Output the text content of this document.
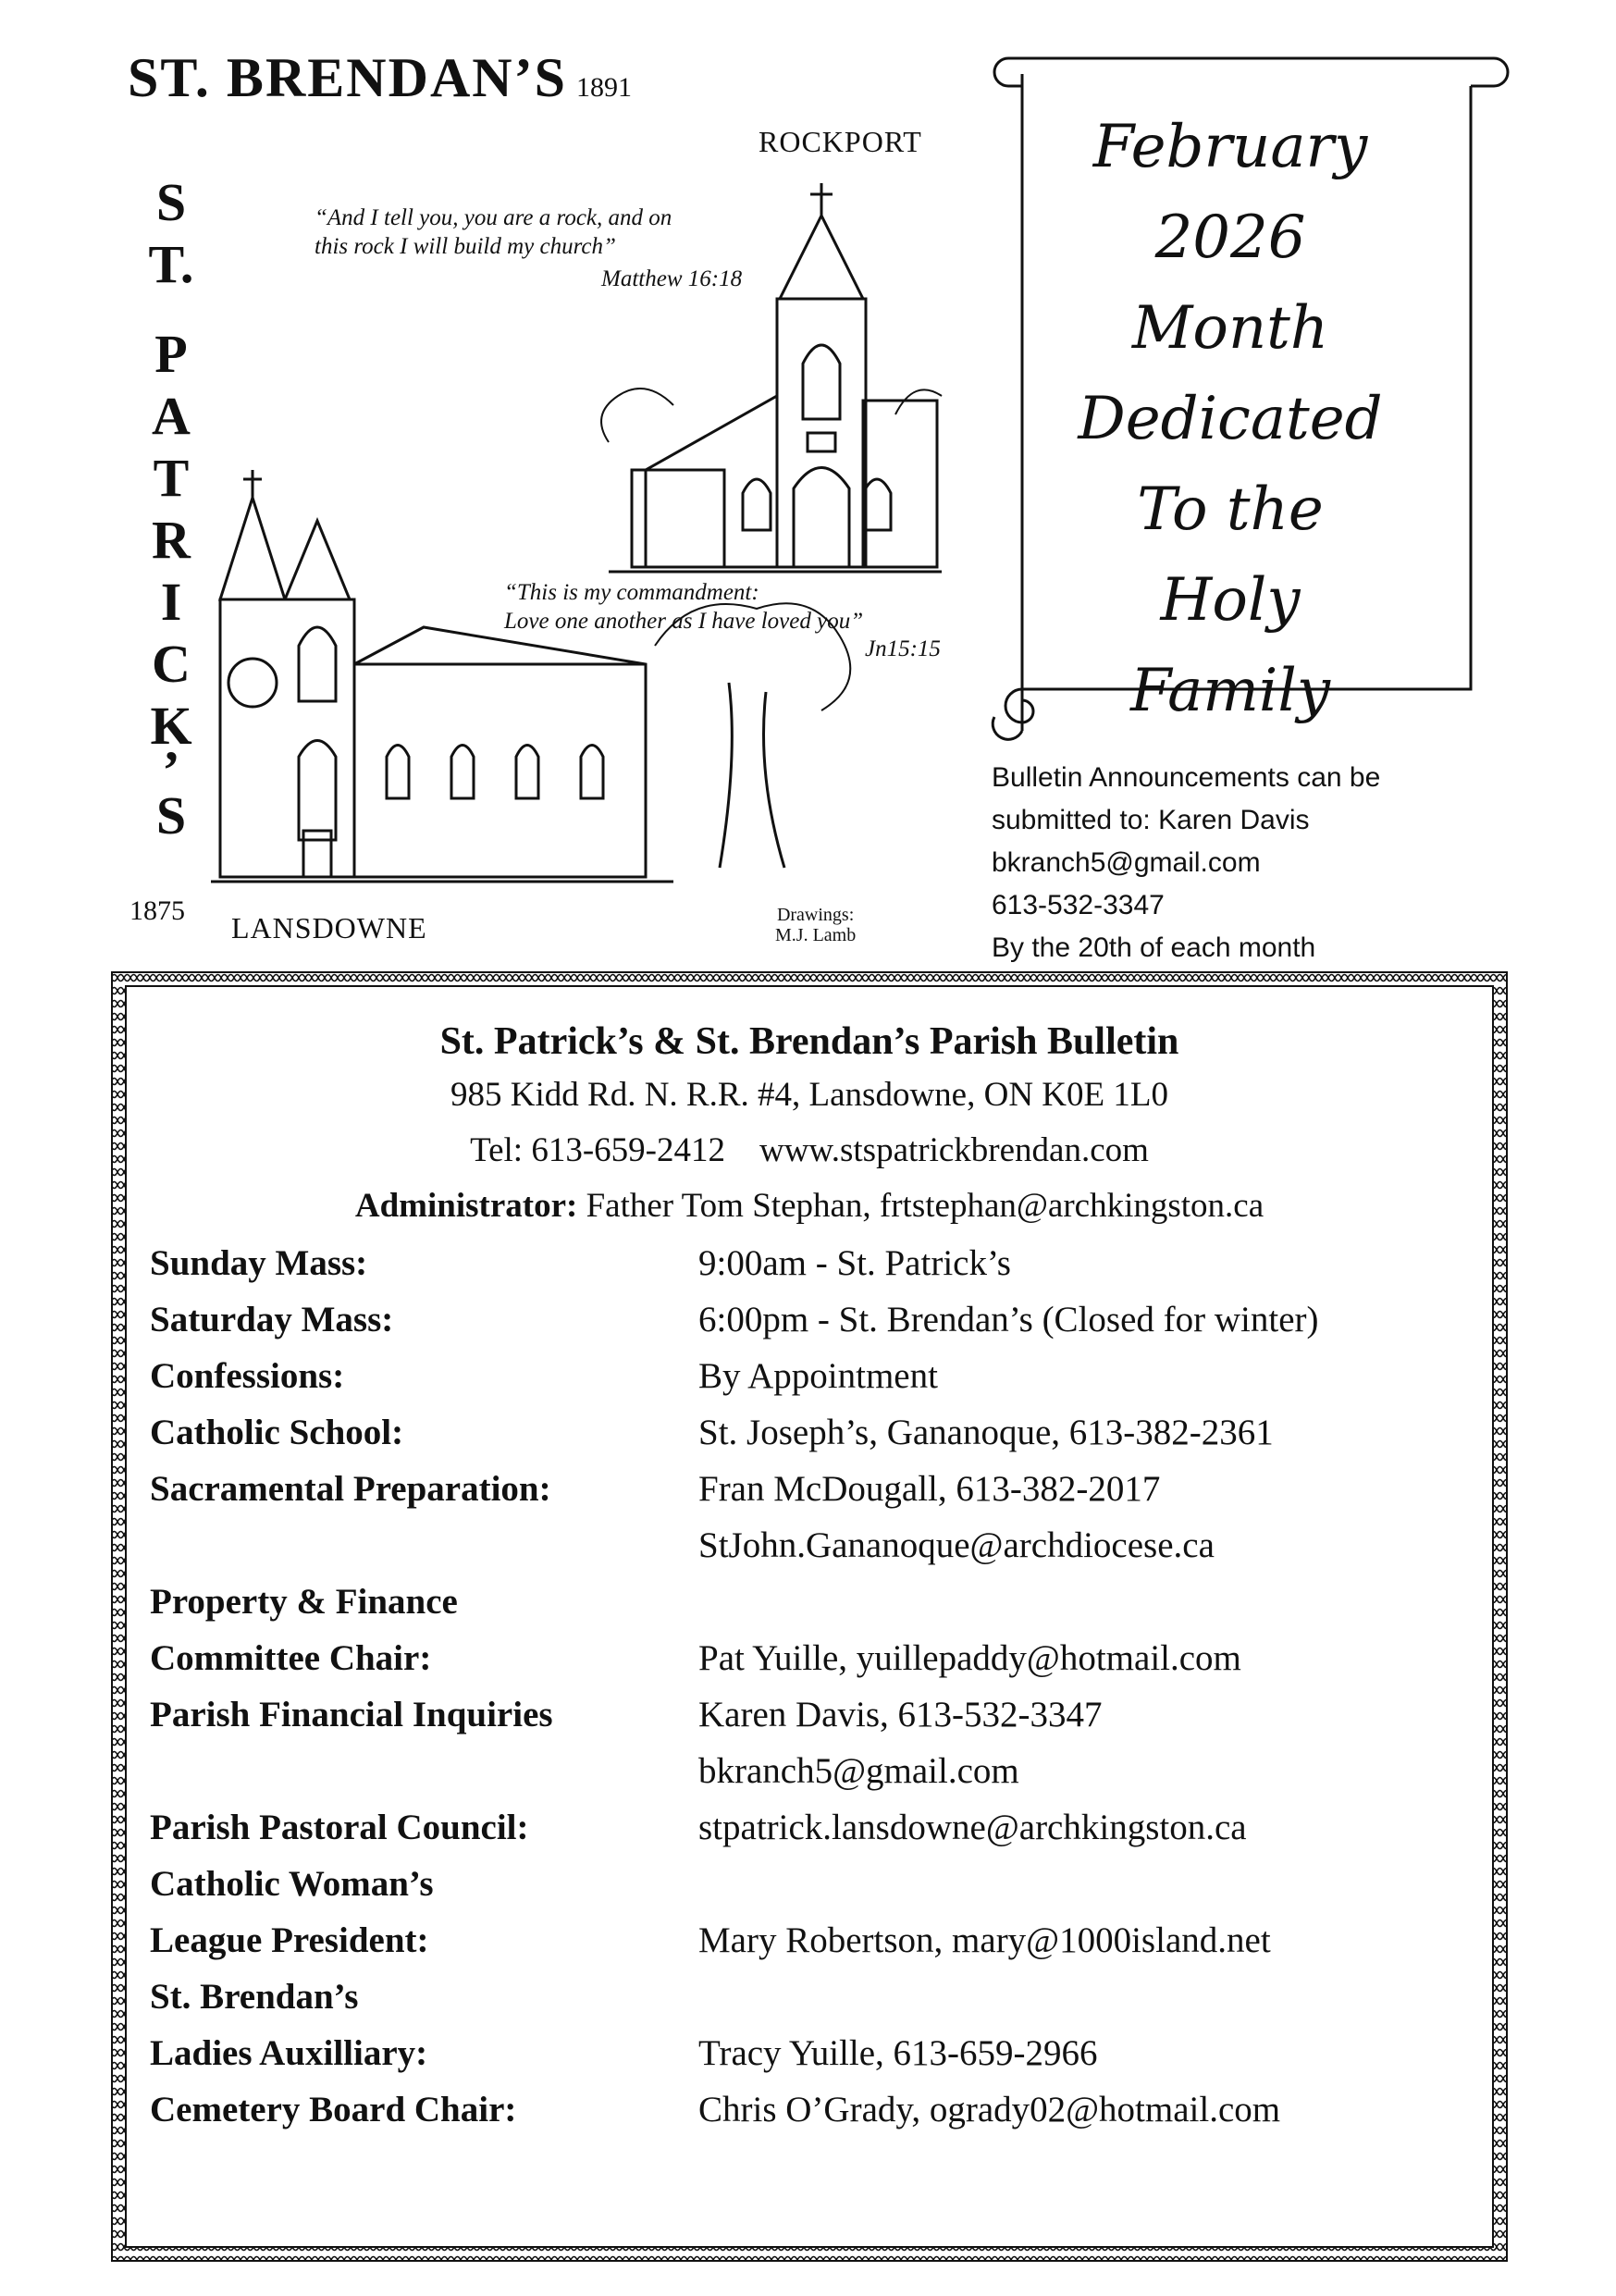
ST. BRENDAN’S 1891
ROCKPORT
S
T.
P
A
T
R
I
C
K
’
S
“And I tell you, you are a rock, and on
this rock I will build my church”
Matthew 16:18
“This is my commandment:
Love one another as I have loved you”
Jn15:15
1875
LANSDOWNE	Drawings:
M.J. Lamb
February
2026
Month
Dedicated
To the
Holy
Family
Bulletin Announcements can be
submitted to: Karen Davis
bkranch5@gmail.com
613-532-3347
By the 20th of each month
St. Patrick’s & St. Brendan’s Parish Bulletin
985 Kidd Rd. N. R.R. #4, Lansdowne, ON K0E 1L0
Tel: 613-659-2412 www.stspatrickbrendan.com
Administrator: Father Tom Stephan, frtstephan@archkingston.ca
Sunday Mass:	9:00am - St. Patrick’s
Saturday Mass:	6:00pm - St. Brendan’s (Closed for winter)
Confessions:	By Appointment
Catholic School:	St. Joseph’s, Gananoque, 613-382-2361
Sacramental Preparation:	Fran McDougall, 613-382-2017
StJohn.Gananoque@archdiocese.ca
Property & Finance
Committee Chair:
	Pat Yuille, yuillepaddy@hotmail.com
Parish Financial Inquiries	Karen Davis, 613-532-3347
bkranch5@gmail.com
Parish Pastoral Council:	stpatrick.lansdowne@archkingston.ca
Catholic Woman’s
League President:
	Mary Robertson, mary@1000island.net
St. Brendan’s
Ladies Auxilliary:
	Tracy Yuille, 613-659-2966
Cemetery Board Chair:	Chris O’Grady, ogrady02@hotmail.com
